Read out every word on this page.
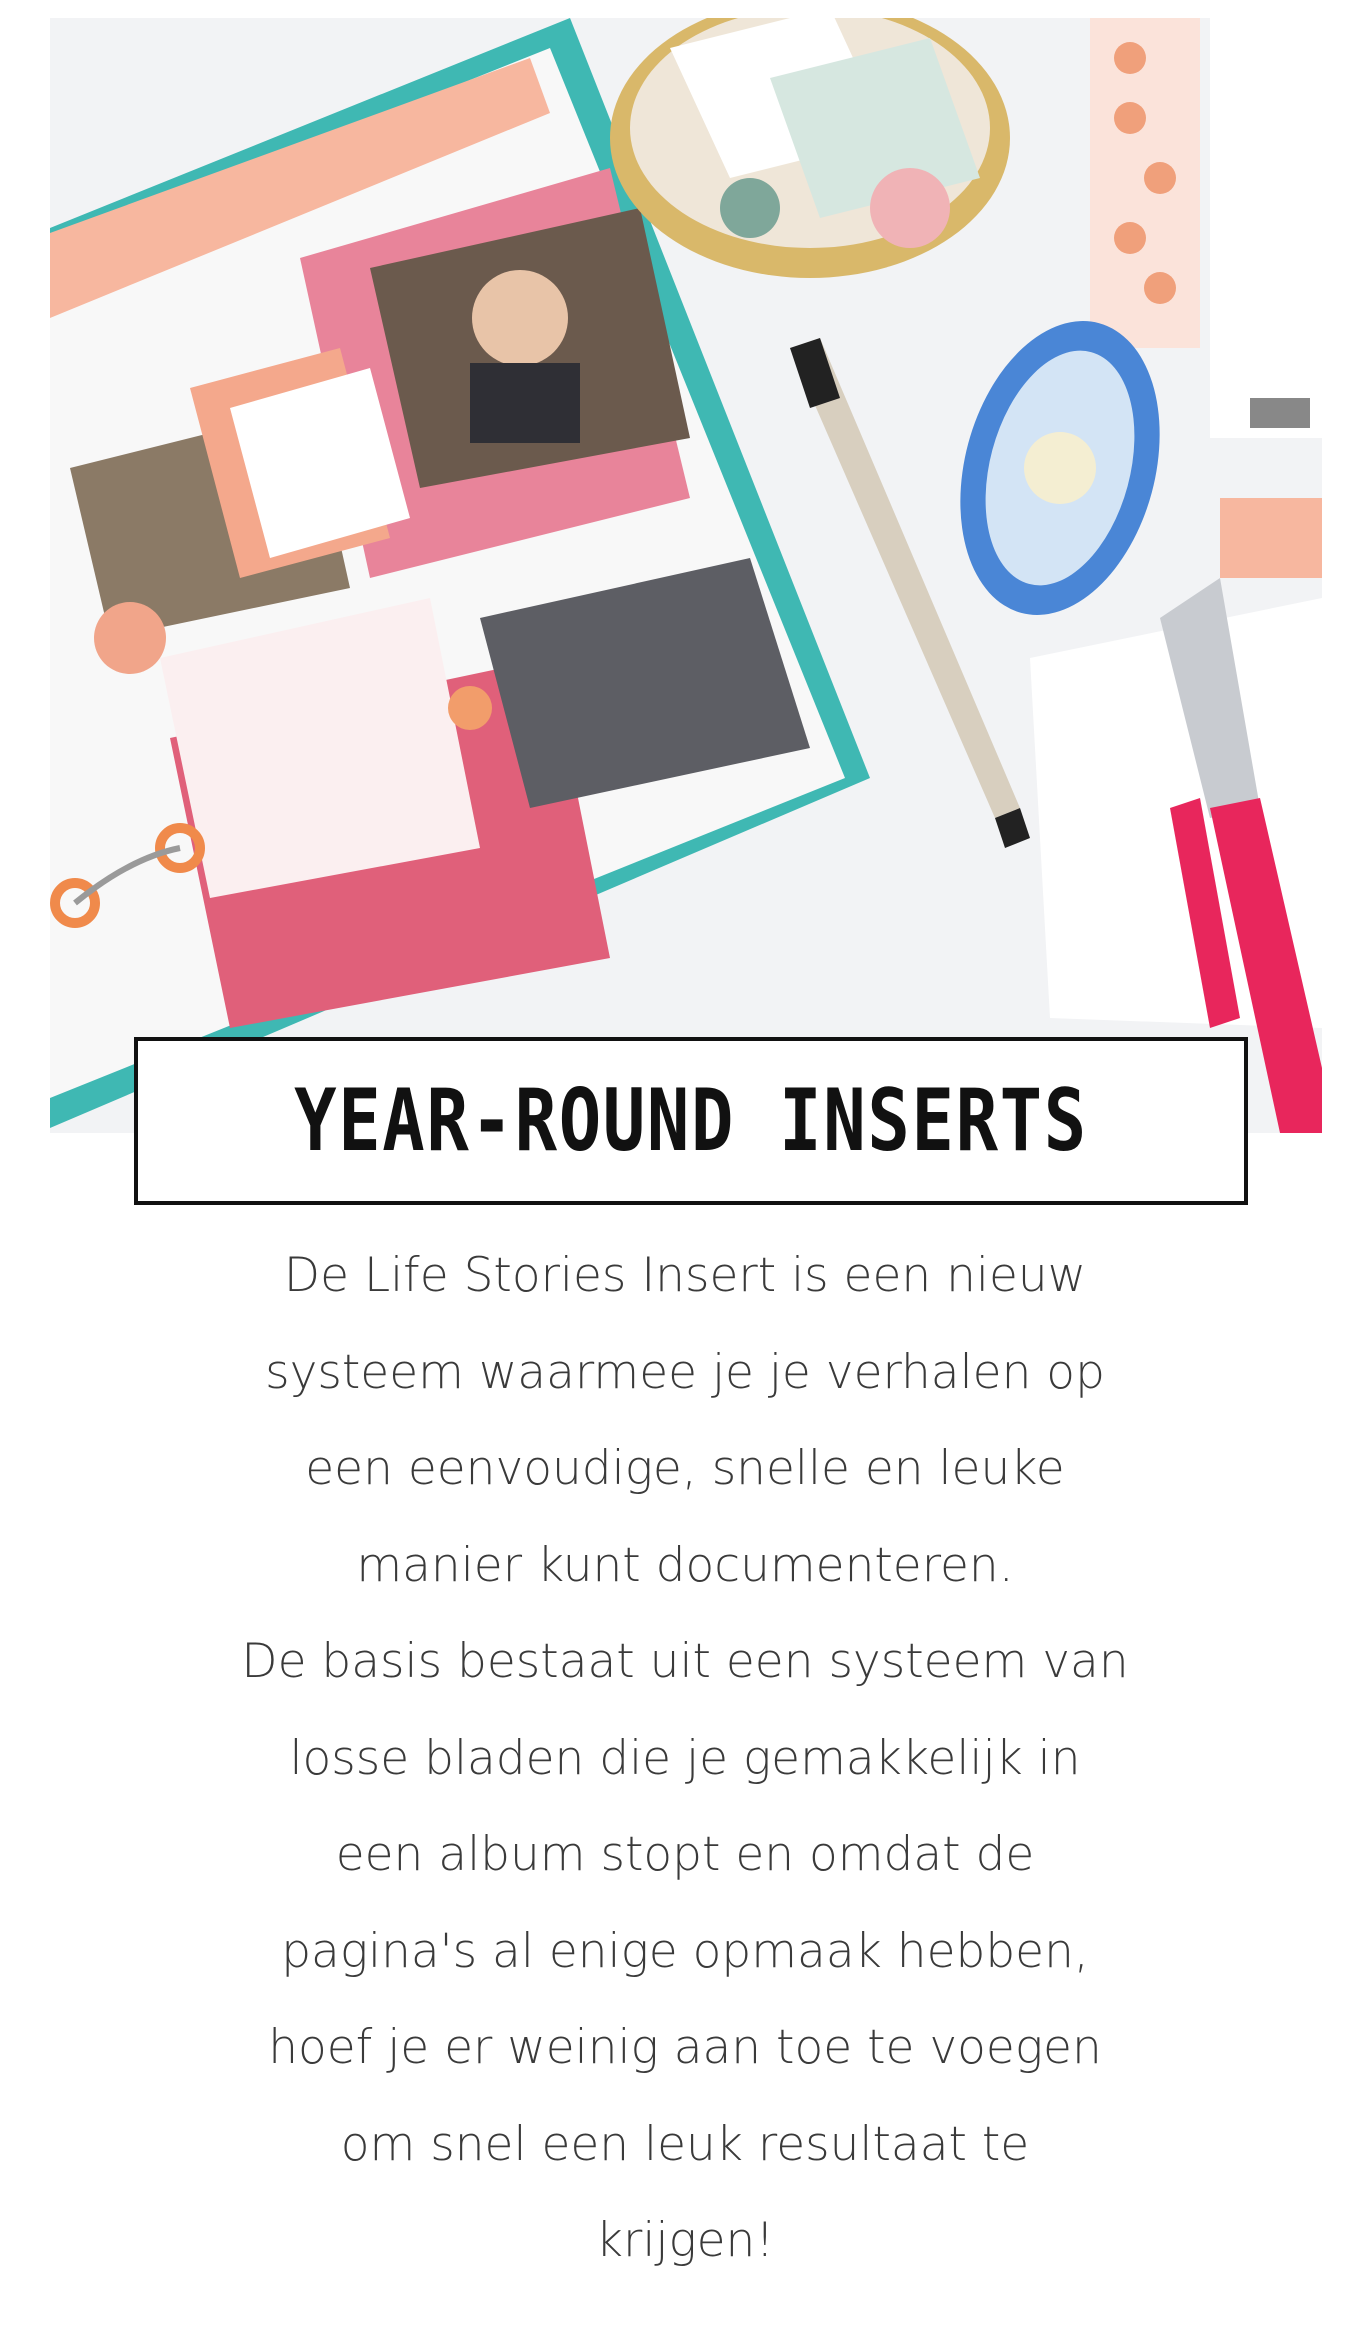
YEAR-ROUND INSERTS
De Life Stories Insert is een nieuw
systeem waarmee je je verhalen op
een eenvoudige, snelle en leuke
manier kunt documenteren.
De basis bestaat uit een systeem van
losse bladen die je gemakkelijk in
een album stopt en omdat de
pagina's al enige opmaak hebben,
hoef je er weinig aan toe te voegen
om snel een leuk resultaat te
krijgen!
